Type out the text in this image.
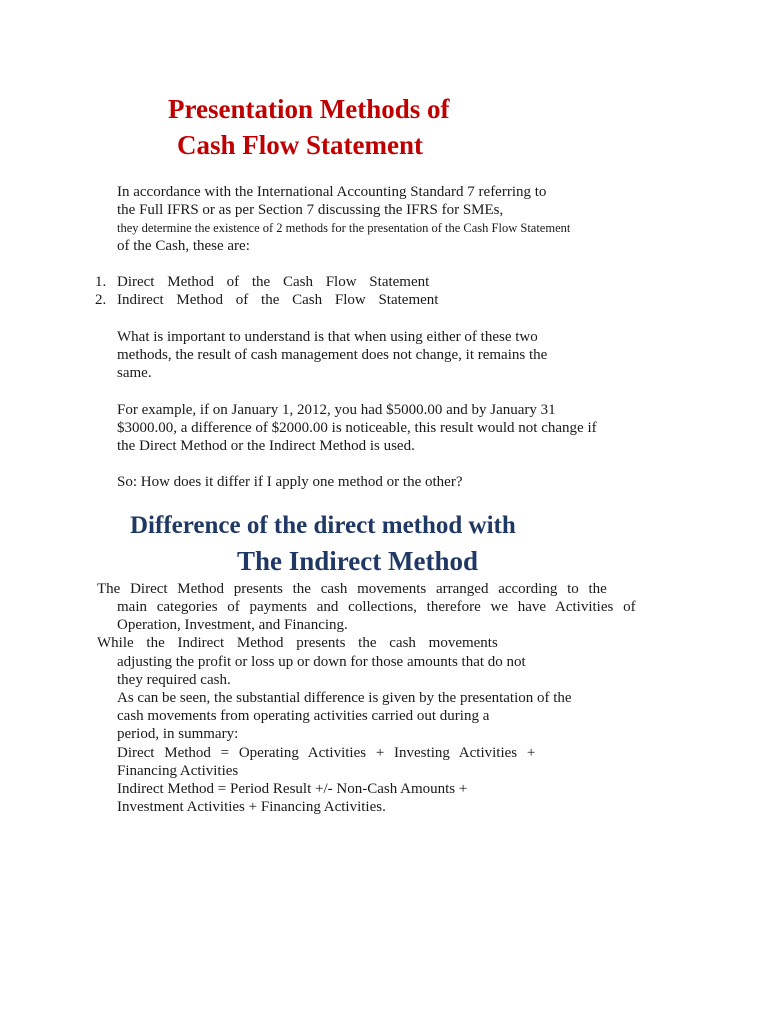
Presentation Methods of
Cash Flow Statement

In accordance with the International Accounting Standard 7 referring to

the Full IFRS or as per Section 7 discussing the IFRS for SMEs,

they determine the existence of 2 methods for the presentation of the Cash Flow Statement

of the Cash, these are:

1. Direct Method of the Cash Flow Statement

2. Indirect Method of the Cash Flow Statement

What is important to understand is that when using either of these two

methods, the result of cash management does not change, it remains the

same.

For example, if on January 1, 2012, you had $5000.00 and by January 31

$3000.00, a difference of $2000.00 is noticeable, this result would not change if

the Direct Method or the Indirect Method is used.

So: How does it differ if I apply one method or the other?

Difference of the direct method with
The Indirect Method

The Direct Method presents the cash movements arranged according to the

main categories of payments and collections, therefore we have Activities of

Operation, Investment, and Financing.

While the Indirect Method presents the cash movements

adjusting the profit or loss up or down for those amounts that do not

they required cash.

As can be seen, the substantial difference is given by the presentation of the

cash movements from operating activities carried out during a

period, in summary:

Direct Method = Operating Activities + Investing Activities +

Financing Activities

Indirect Method = Period Result +/- Non-Cash Amounts +

Investment Activities + Financing Activities.
